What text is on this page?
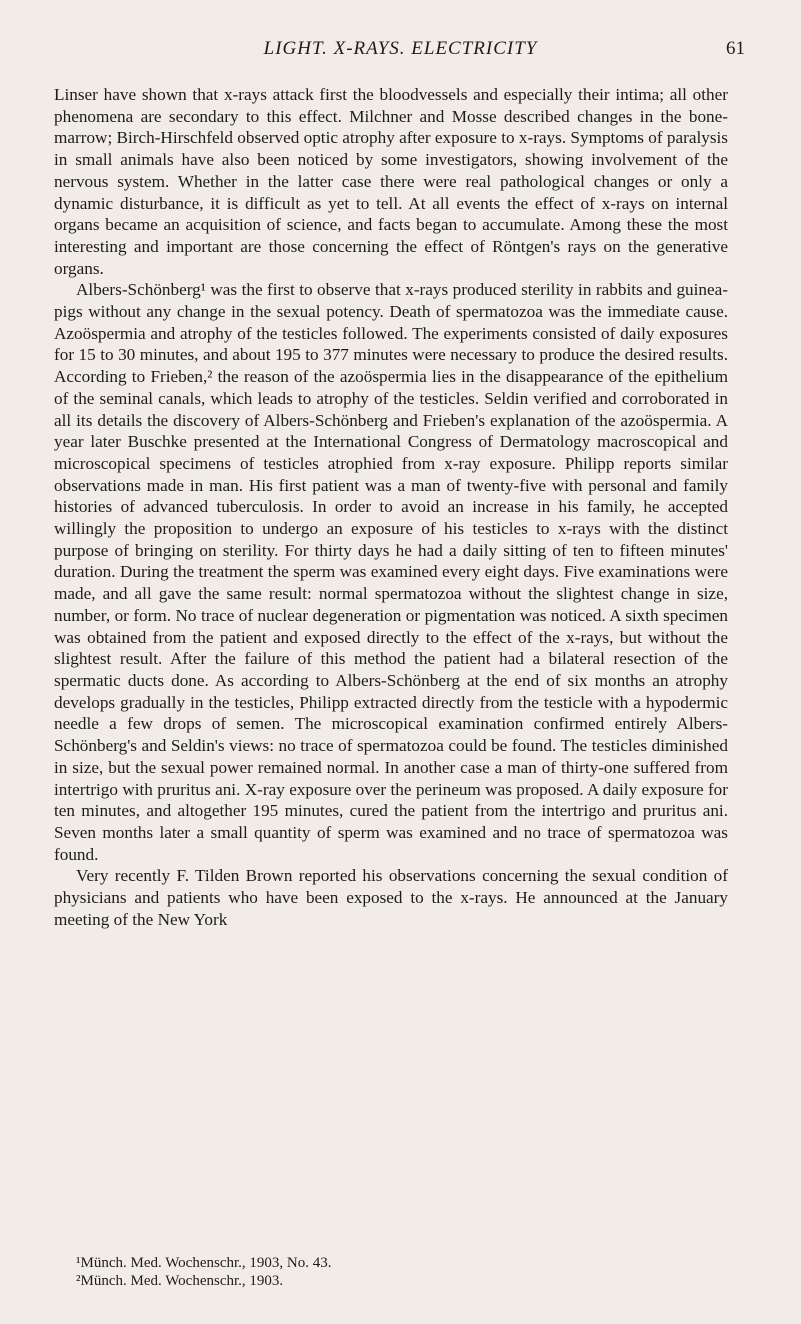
LIGHT. X-RAYS. ELECTRICITY	61

Linser have shown that x-rays attack first the bloodvessels and especially their intima; all other phenomena are secondary to this effect. Milchner and Mosse described changes in the bone-marrow; Birch-Hirschfeld observed optic atrophy after exposure to x-rays. Symptoms of paralysis in small animals have also been noticed by some investigators, showing involvement of the nervous system. Whether in the latter case there were real pathological changes or only a dynamic disturbance, it is difficult as yet to tell. At all events the effect of x-rays on internal organs became an acquisition of science, and facts began to accumulate. Among these the most interesting and important are those concerning the effect of Röntgen's rays on the generative organs.

Albers-Schönberg¹ was the first to observe that x-rays produced sterility in rabbits and guinea-pigs without any change in the sexual potency. Death of spermatozoa was the immediate cause. Azoöspermia and atrophy of the testicles followed. The experiments consisted of daily exposures for 15 to 30 minutes, and about 195 to 377 minutes were necessary to produce the desired results. According to Frieben,² the reason of the azoöspermia lies in the disappearance of the epithelium of the seminal canals, which leads to atrophy of the testicles. Seldin verified and corroborated in all its details the discovery of Albers-Schönberg and Frieben's explanation of the azoöspermia. A year later Buschke presented at the International Congress of Dermatology macroscopical and microscopical specimens of testicles atrophied from x-ray exposure. Philipp reports similar observations made in man. His first patient was a man of twenty-five with personal and family histories of advanced tuberculosis. In order to avoid an increase in his family, he accepted willingly the proposition to undergo an exposure of his testicles to x-rays with the distinct purpose of bringing on sterility. For thirty days he had a daily sitting of ten to fifteen minutes' duration. During the treatment the sperm was examined every eight days. Five examinations were made, and all gave the same result: normal spermatozoa without the slightest change in size, number, or form. No trace of nuclear degeneration or pigmentation was noticed. A sixth specimen was obtained from the patient and exposed directly to the effect of the x-rays, but without the slightest result. After the failure of this method the patient had a bilateral resection of the spermatic ducts done. As according to Albers-Schönberg at the end of six months an atrophy develops gradually in the testicles, Philipp extracted directly from the testicle with a hypodermic needle a few drops of semen. The microscopical examination confirmed entirely Albers-Schönberg's and Seldin's views: no trace of spermatozoa could be found. The testicles diminished in size, but the sexual power remained normal. In another case a man of thirty-one suffered from intertrigo with pruritus ani. X-ray exposure over the perineum was proposed. A daily exposure for ten minutes, and altogether 195 minutes, cured the patient from the intertrigo and pruritus ani. Seven months later a small quantity of sperm was examined and no trace of spermatozoa was found.

Very recently F. Tilden Brown reported his observations concerning the sexual condition of physicians and patients who have been exposed to the x-rays. He announced at the January meeting of the New York

¹Münch. Med. Wochenschr., 1903, No. 43.

²Münch. Med. Wochenschr., 1903.
